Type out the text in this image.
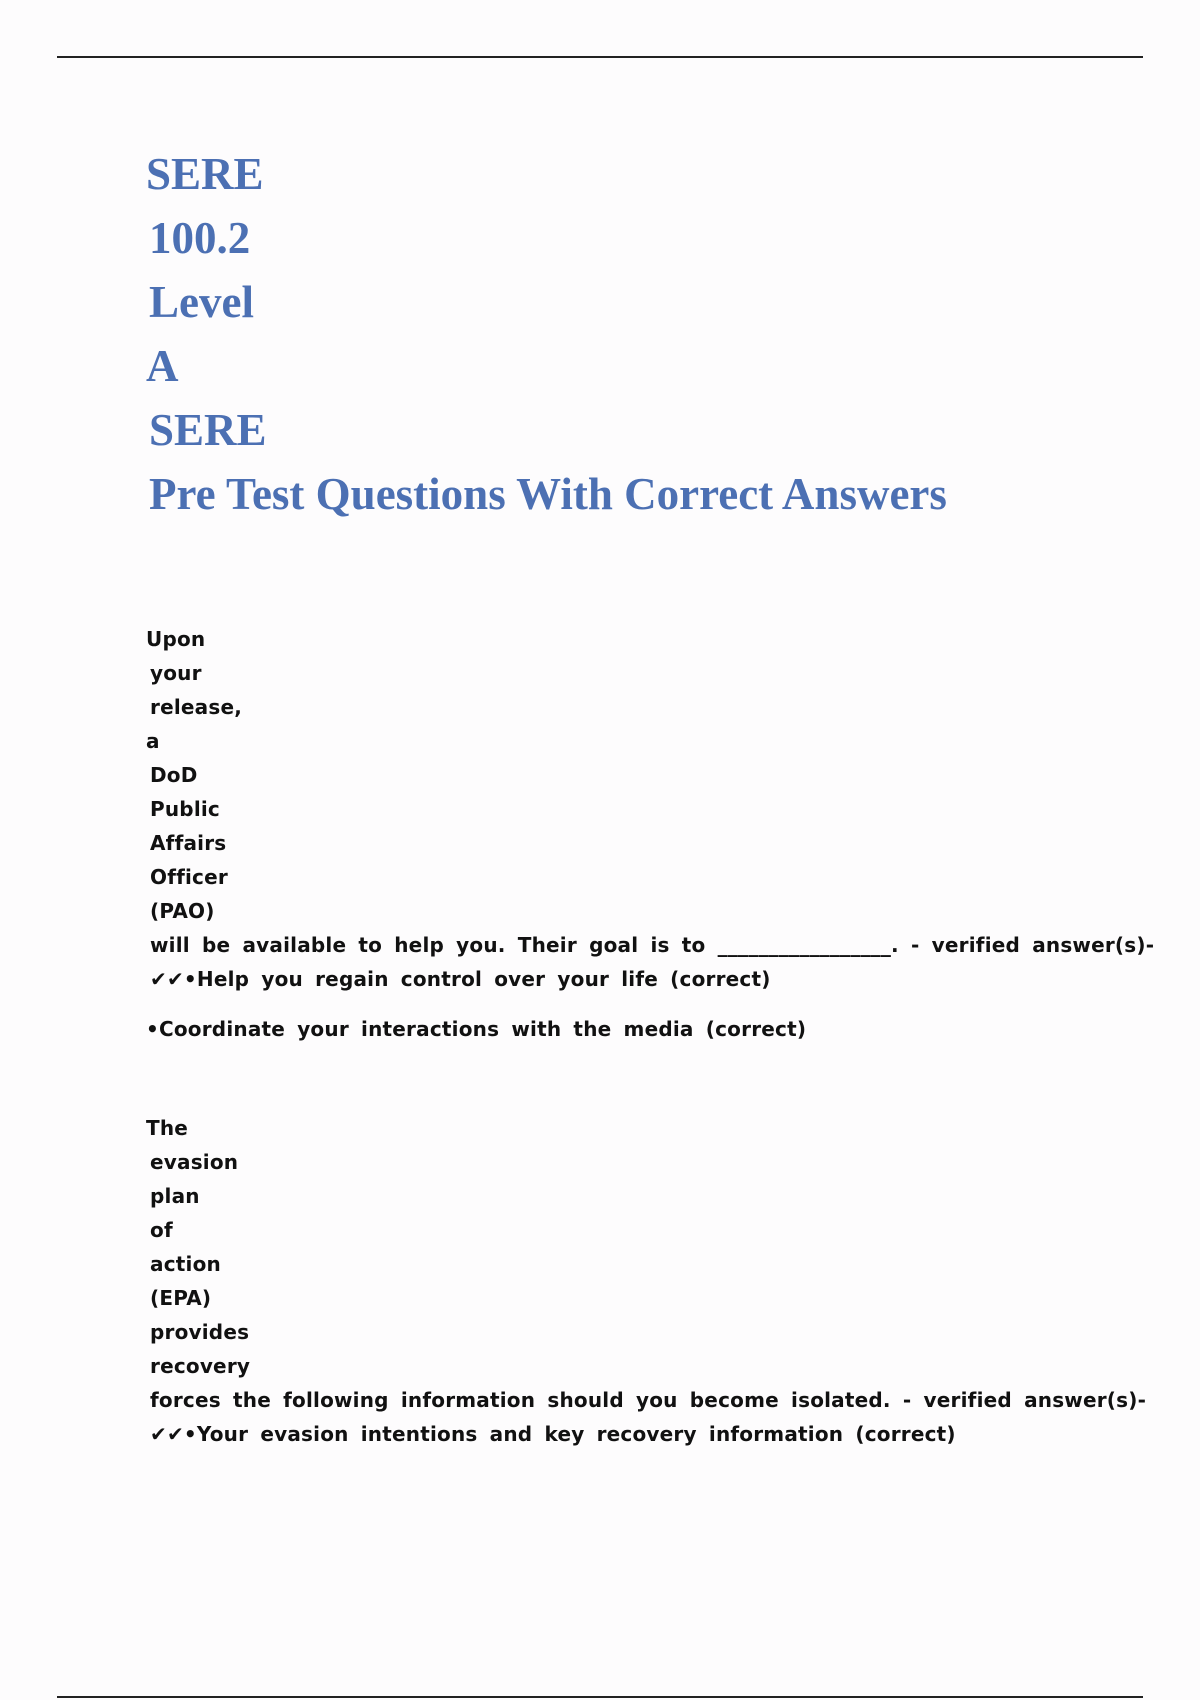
SERE
100.2
Level
A
SERE
Pre Test Questions With Correct Answers
Upon
your
release,
a
DoD
Public
Affairs
Officer
(PAO)
will be available to help you. Their goal is to _________________. - verified answer(s)-
✔✔•Help you regain control over your life (correct)
•Coordinate your interactions with the media (correct)
The
evasion
plan
of
action
(EPA)
provides
recovery
forces the following information should you become isolated. - verified answer(s)-
✔✔•Your evasion intentions and key recovery information (correct)
